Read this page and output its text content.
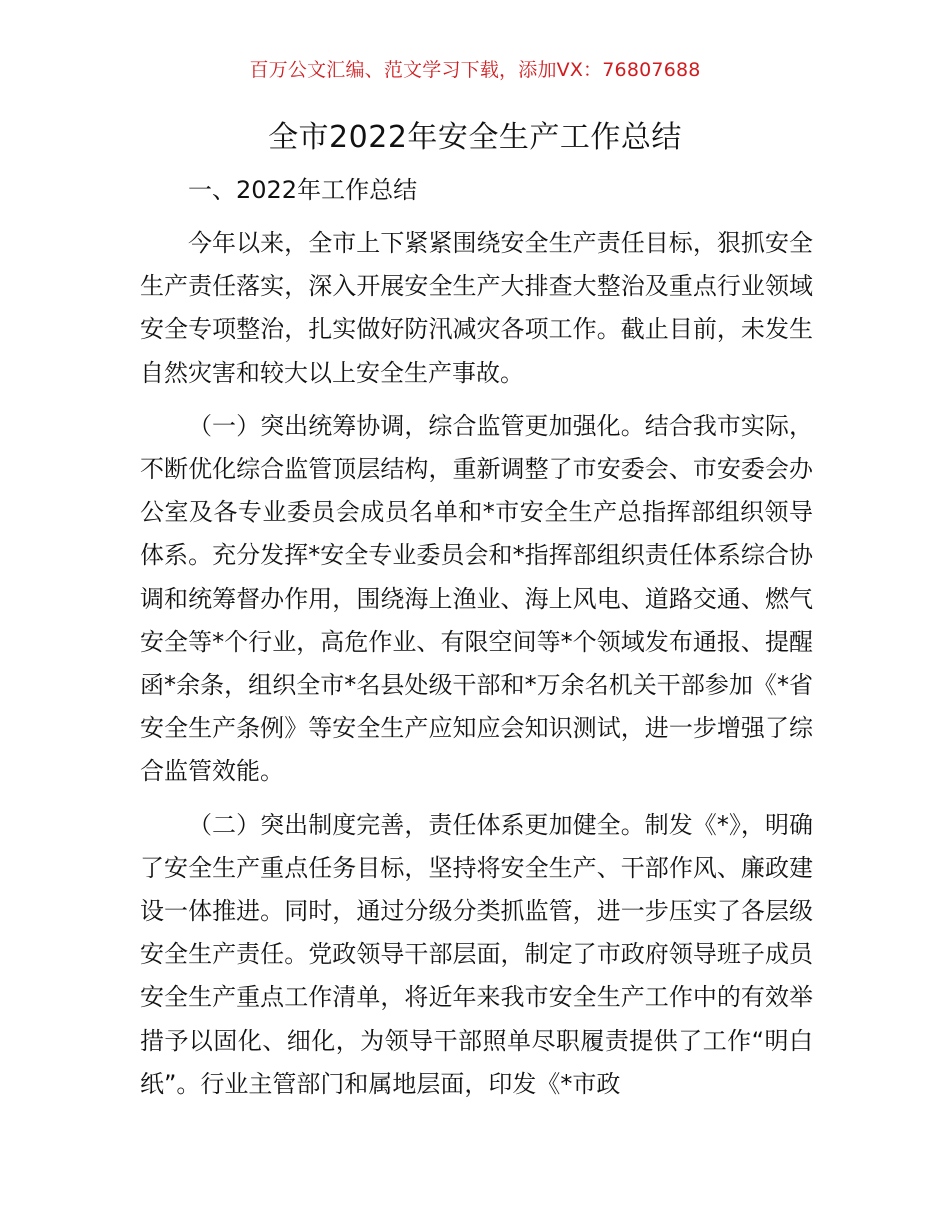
百万公文汇编、范文学习下载，添加VX：76807688
全市2022年安全生产工作总结
一、2022年工作总结

今年以来，全市上下紧紧围绕安全生产责任目标，狠抓安全生产责任落实，深入开展安全生产大排查大整治及重点行业领域安全专项整治，扎实做好防汛减灾各项工作。截止目前，未发生自然灾害和较大以上安全生产事故。

（一）突出统筹协调，综合监管更加强化。结合我市实际，不断优化综合监管顶层结构，重新调整了市安委会、市安委会办公室及各专业委员会成员名单和*市安全生产总指挥部组织领导体系。充分发挥*安全专业委员会和*指挥部组织责任体系综合协调和统筹督办作用，围绕海上渔业、海上风电、道路交通、燃气安全等*个行业，高危作业、有限空间等*个领域发布通报、提醒函*余条，组织全市*名县处级干部和*万余名机关干部参加《*省安全生产条例》等安全生产应知应会知识测试，进一步增强了综合监管效能。

（二）突出制度完善，责任体系更加健全。制发《*》，明确了安全生产重点任务目标，坚持将安全生产、干部作风、廉政建设一体推进。同时，通过分级分类抓监管，进一步压实了各层级安全生产责任。党政领导干部层面，制定了市政府领导班子成员安全生产重点工作清单，将近年来我市安全生产工作中的有效举措予以固化、细化，为领导干部照单尽职履责提供了工作“明白纸”。行业主管部门和属地层面，印发《*市政
